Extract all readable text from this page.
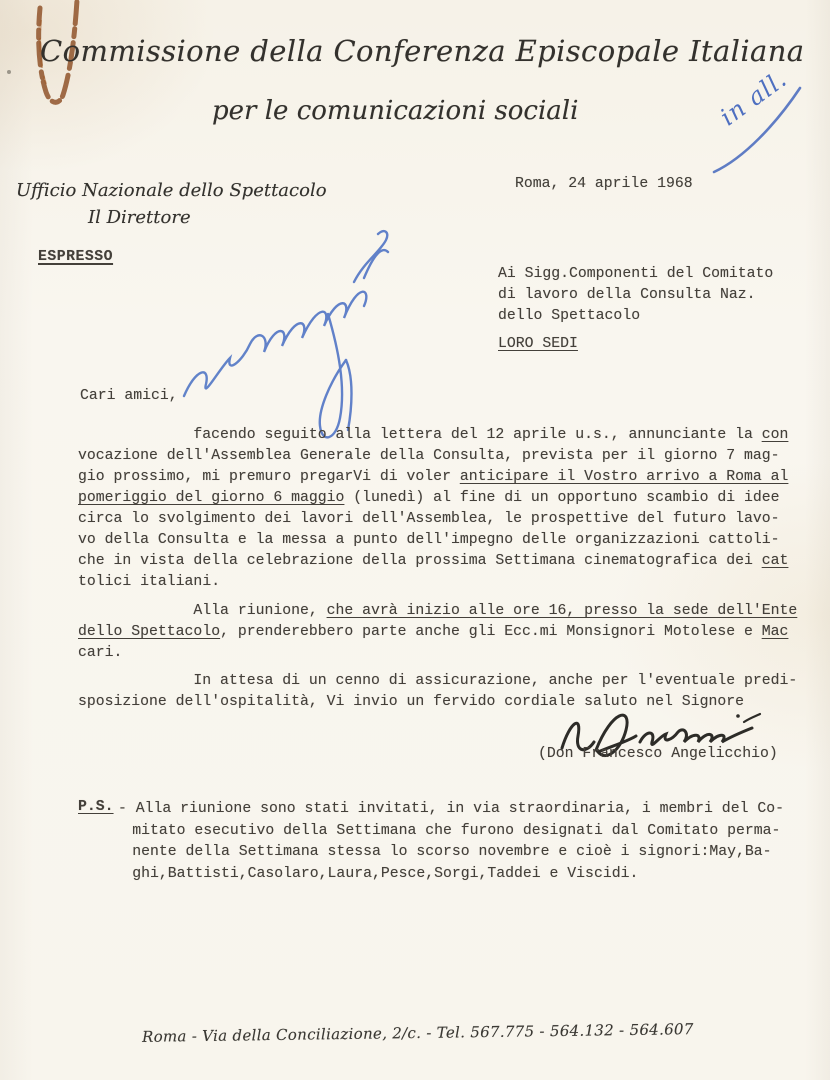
Commissione della Conferenza Episcopale Italiana
per le comunicazioni sociali	in all.
Ufficio Nazionale dello Spettacolo
Il Direttore
Roma, 24 aprile 1968
ESPRESSO
Ai Sigg.Componenti del Comitato
di lavoro della Consulta Naz.
dello Spettacolo
LORO SEDI
Cari amici,
facendo seguito alla lettera del 12 aprile u.s., annunciante la con
vocazione dell'Assemblea Generale della Consulta, prevista per il giorno 7 mag-
gio prossimo, mi premuro pregarVi di voler anticipare il Vostro arrivo a Roma al
pomeriggio del giorno 6 maggio (lunedì) al fine di un opportuno scambio di idee
circa lo svolgimento dei lavori dell'Assemblea, le prospettive del futuro lavo-
vo della Consulta e la messa a punto dell'impegno delle organizzazioni cattoli-
che in vista della celebrazione della prossima Settimana cinematografica dei cat
tolici italiani.
Alla riunione, che avrà inizio alle ore 16, presso la sede dell'Ente
dello Spettacolo, prenderebbero parte anche gli Ecc.mi Monsignori Motolese e Mac
cari.
In attesa di un cenno di assicurazione, anche per l'eventuale predi-
sposizione dell'ospitalità, Vi invio un fervido cordiale saluto nel Signore
(Don Francesco Angelicchio)
P.S. - Alla riunione sono stati invitati, in via straordinaria, i membri del Co-
mitato esecutivo della Settimana che furono designati dal Comitato perma-
nente della Settimana stessa lo scorso novembre e cioè i signori:May,Ba-
ghi,Battisti,Casolaro,Laura,Pesce,Sorgi,Taddei e Viscidi.
Roma - Via della Conciliazione, 2/c. - Tel. 567.775 - 564.132 - 564.607
